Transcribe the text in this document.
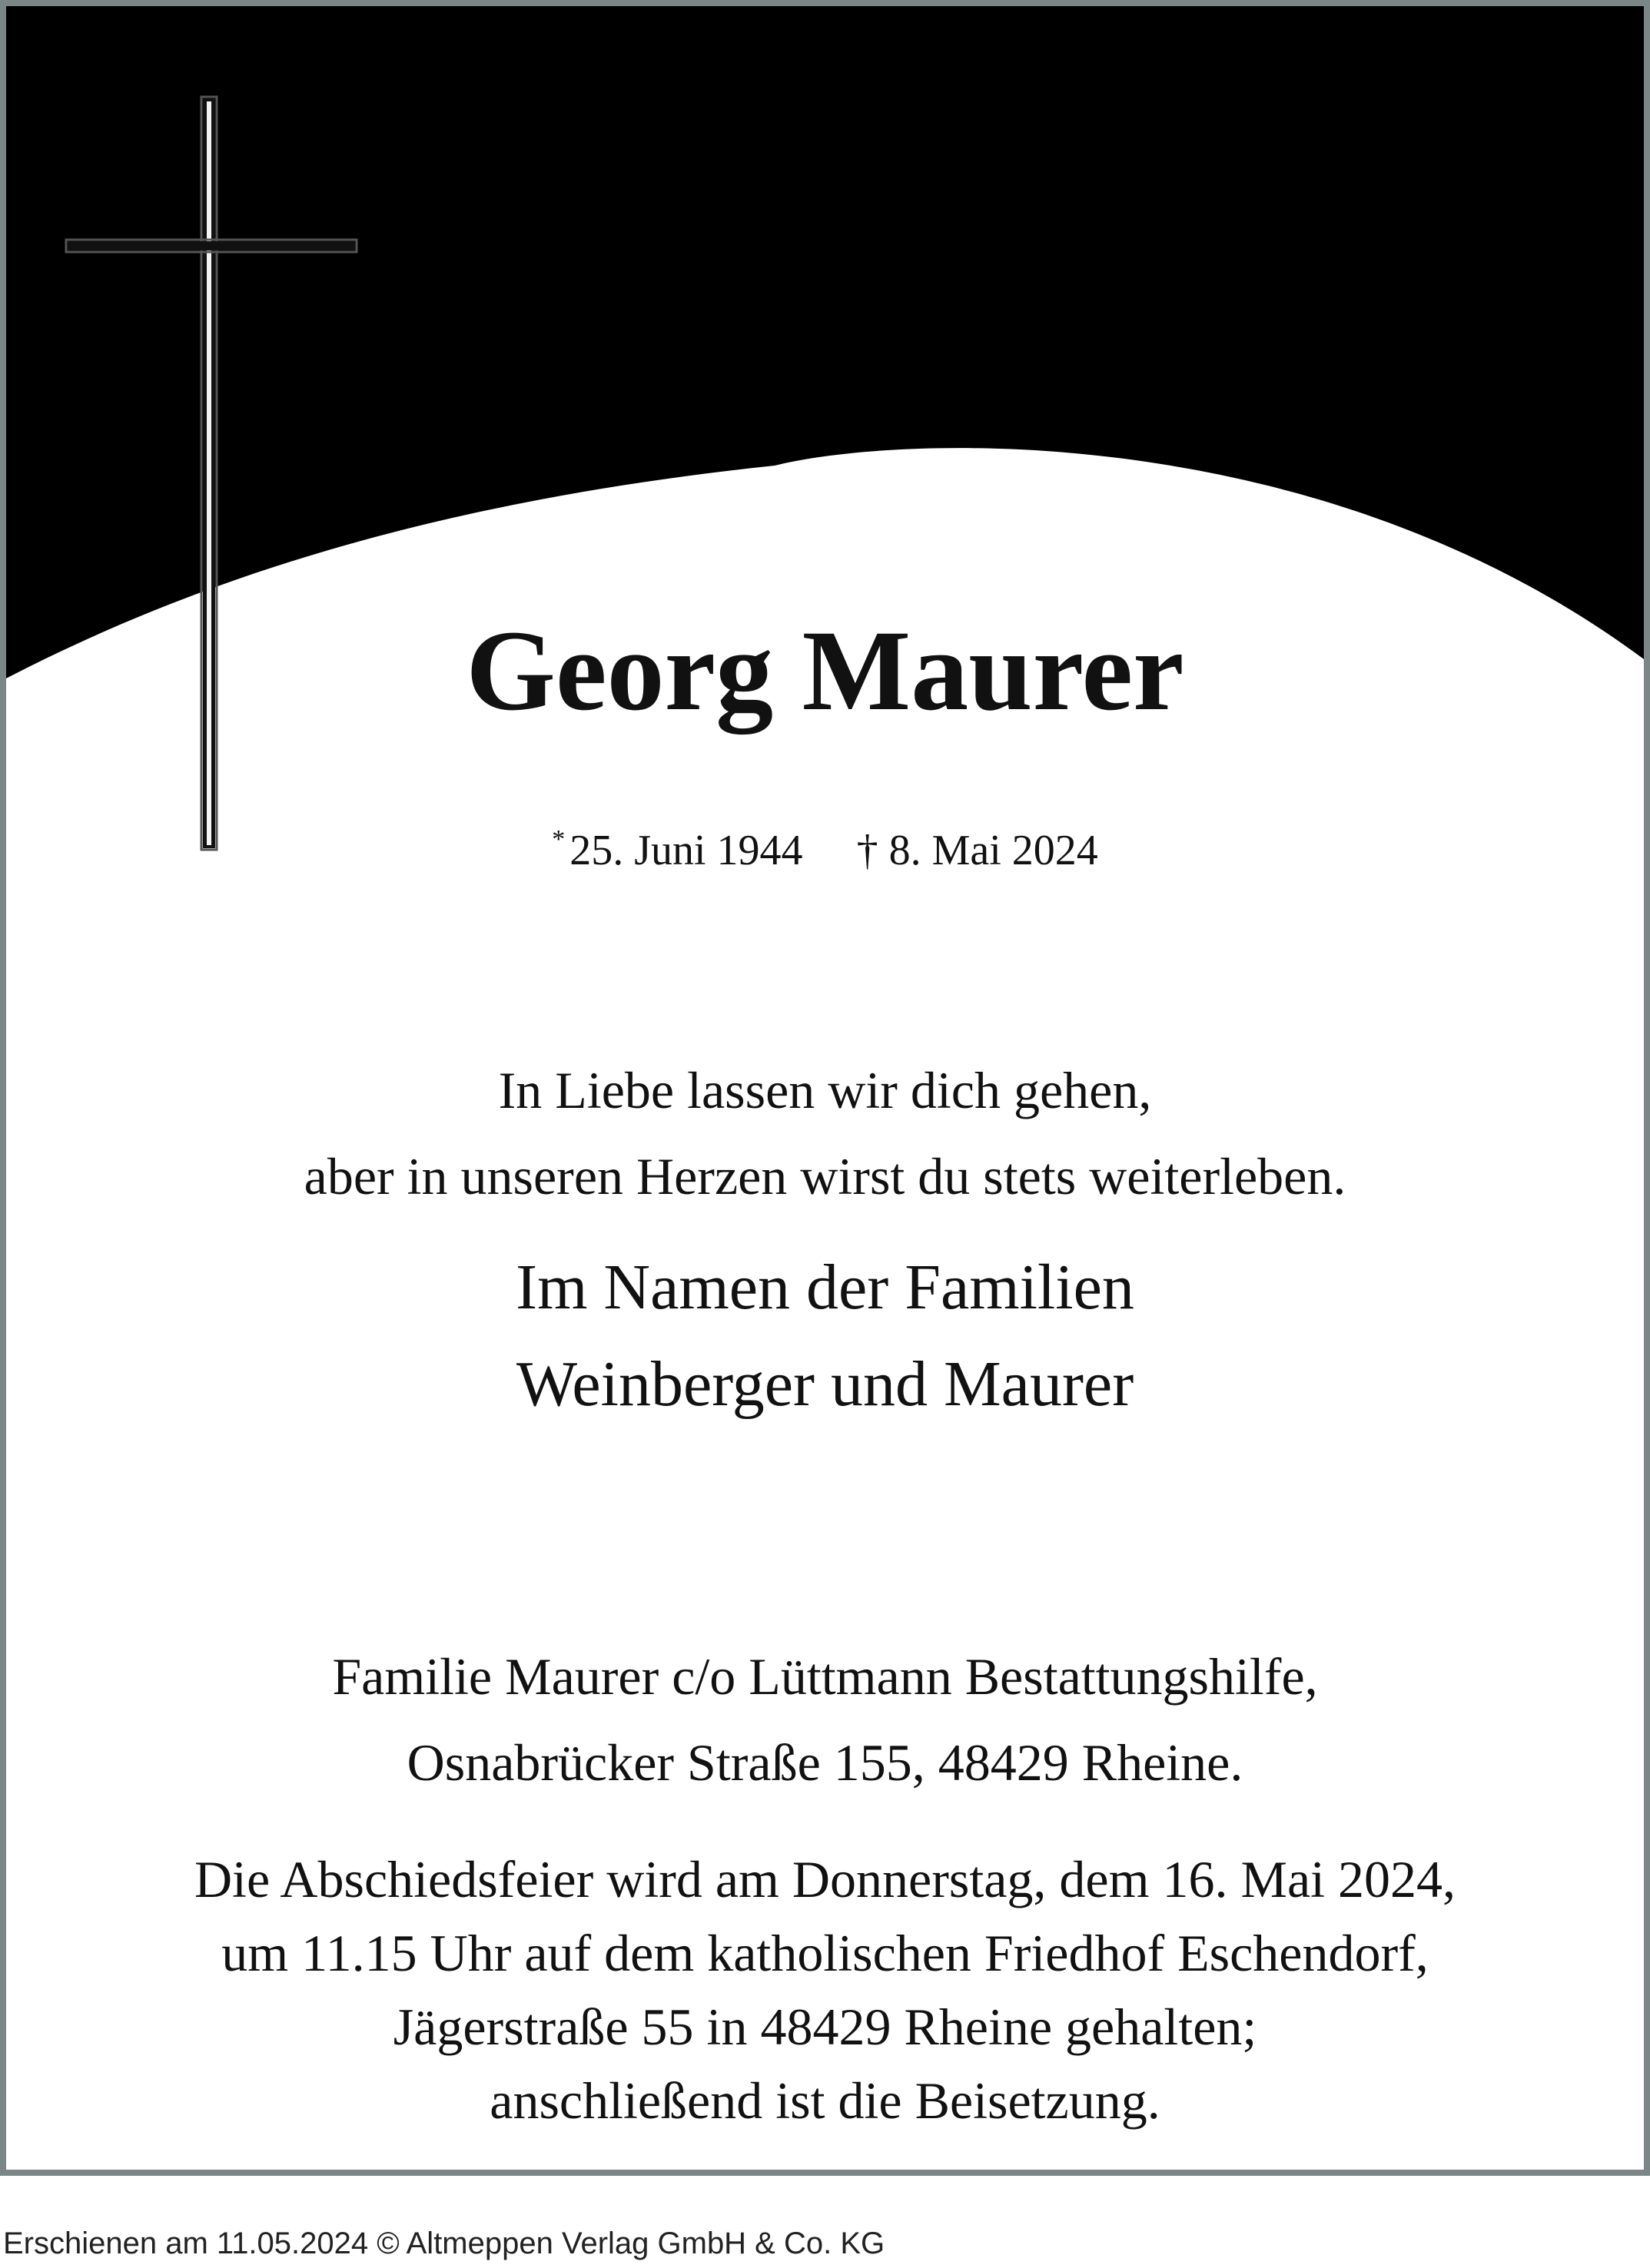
Georg Maurer

* 25. Juni 1944 † 8. Mai 2024

In Liebe lassen wir dich gehen,
aber in unseren Herzen wirst du stets weiterleben.

Im Namen der Familien
Weinberger und Maurer

Familie Maurer c/o Lüttmann Bestattungshilfe,
Osnabrücker Straße 155, 48429 Rheine.

Die Abschiedsfeier wird am Donnerstag, dem 16. Mai 2024,
um 11.15 Uhr auf dem katholischen Friedhof Eschendorf,
Jägerstraße 55 in 48429 Rheine gehalten;
anschließend ist die Beisetzung.

Erschienen am 11.05.2024 © Altmeppen Verlag GmbH & Co. KG
